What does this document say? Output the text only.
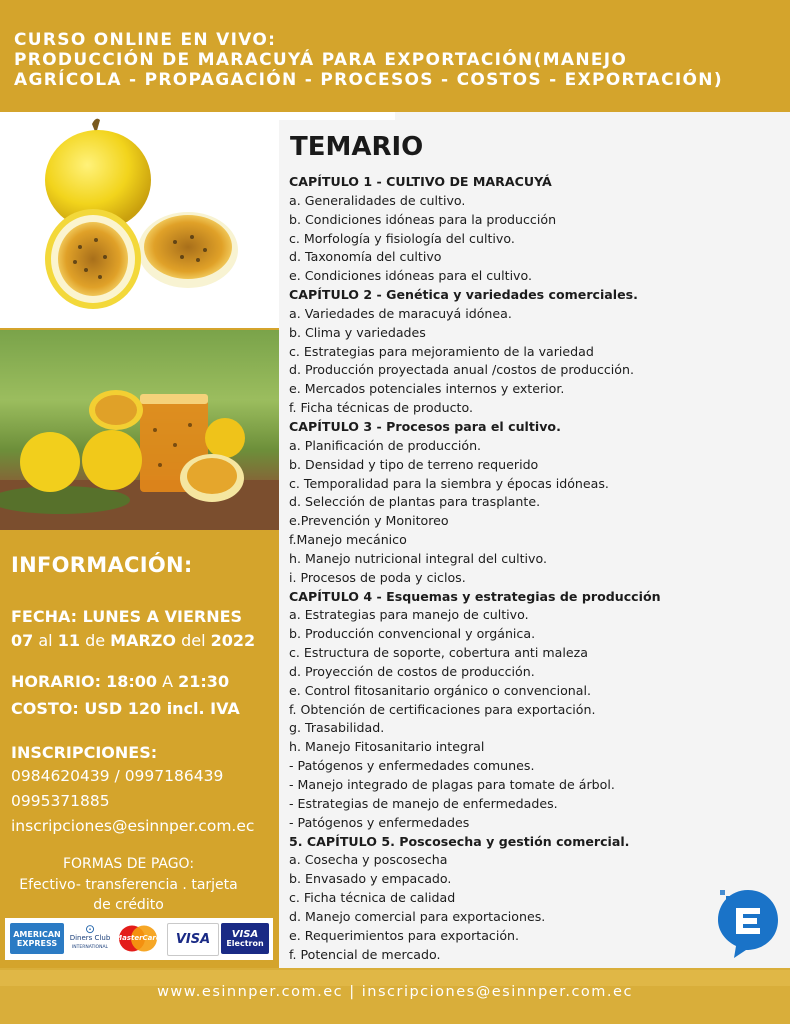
CURSO ONLINE EN VIVO:
PRODUCCIÓN DE MARACUYÁ PARA EXPORTACIÓN(MANEJO
AGRÍCOLA - PROPAGACIÓN - PROCESOS - COSTOS - EXPORTACIÓN)
INFORMACIÓN:
FECHA: LUNES A VIERNES
07 al 11 de MARZO del 2022
HORARIO: 18:00 A 21:30
COSTO: USD 120 incl. IVA
INSCRIPCIONES:
0984620439 / 0997186439
0995371885
inscripciones@esinnper.com.ec
FORMAS DE PAGO:
Efectivo- transferencia . tarjeta
de crédito
AMERICAN
EXPRESS
⊙
Diners Club
INTERNATIONAL
MasterCard VISA	VISA
Electron
TEMARIO
CAPÍTULO 1 - CULTIVO DE MARACUYÁ
a. Generalidades de cultivo.
b. Condiciones idóneas para la producción
c. Morfología y fisiología del cultivo.
d. Taxonomía del cultivo
e. Condiciones idóneas para el cultivo.
CAPÍTULO 2 - Genética y variedades comerciales.
a. Variedades de maracuyá idónea.
b. Clima y variedades
c. Estrategias para mejoramiento de la variedad
d. Producción proyectada anual /costos de producción.
e. Mercados potenciales internos y exterior.
f. Ficha técnicas de producto.
CAPÍTULO 3 - Procesos para el cultivo.
a. Planificación de producción.
b. Densidad y tipo de terreno requerido
c. Temporalidad para la siembra y épocas idóneas.
d. Selección de plantas para trasplante.
e.Prevención y Monitoreo
f.Manejo mecánico
h. Manejo nutricional integral del cultivo.
i. Procesos de poda y ciclos.
CAPÍTULO 4 - Esquemas y estrategias de producción
a. Estrategias para manejo de cultivo.
b. Producción convencional y orgánica.
c. Estructura de soporte, cobertura anti maleza
d. Proyección de costos de producción.
e. Control fitosanitario orgánico o convencional.
f. Obtención de certificaciones para exportación.
g. Trasabilidad.
h. Manejo Fitosanitario integral
- Patógenos y enfermedades comunes.
- Manejo integrado de plagas para tomate de árbol.
- Estrategias de manejo de enfermedades.
- Patógenos y enfermedades
5. CAPÍTULO 5. Poscosecha y gestión comercial.
a. Cosecha y poscosecha
b. Envasado y empacado.
c. Ficha técnica de calidad
d. Manejo comercial para exportaciones.
e. Requerimientos para exportación.
f. Potencial de mercado.
www.esinnper.com.ec | inscripciones@esinnper.com.ec
